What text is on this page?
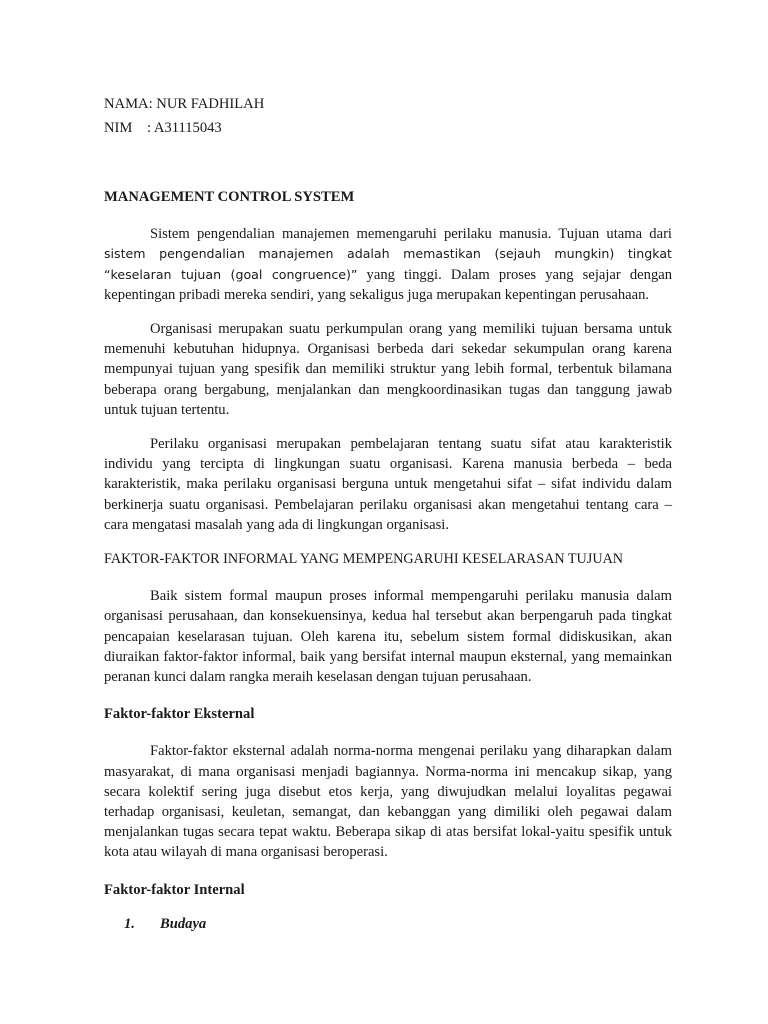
NAMA: NUR FADHILAH

NIM : A31115043

MANAGEMENT CONTROL SYSTEM

Sistem pengendalian manajemen memengaruhi perilaku manusia. Tujuan utama dari sistem pengendalian manajemen adalah memastikan (sejauh mungkin) tingkat “keselaran tujuan (goal congruence)” yang tinggi. Dalam proses yang sejajar dengan kepentingan pribadi mereka sendiri, yang sekaligus juga merupakan kepentingan perusahaan.

Organisasi merupakan suatu perkumpulan orang yang memiliki tujuan bersama untuk memenuhi kebutuhan hidupnya. Organisasi berbeda dari sekedar sekumpulan orang karena mempunyai tujuan yang spesifik dan memiliki struktur yang lebih formal, terbentuk bilamana beberapa orang bergabung, menjalankan dan mengkoordinasikan tugas dan tanggung jawab untuk tujuan tertentu.

Perilaku organisasi merupakan pembelajaran tentang suatu sifat atau karakteristik individu yang tercipta di lingkungan suatu organisasi. Karena manusia berbeda – beda karakteristik, maka perilaku organisasi berguna untuk mengetahui sifat – sifat individu dalam berkinerja suatu organisasi. Pembelajaran perilaku organisasi akan mengetahui tentang cara – cara mengatasi masalah yang ada di lingkungan organisasi.

FAKTOR-FAKTOR INFORMAL YANG MEMPENGARUHI KESELARASAN TUJUAN

Baik sistem formal maupun proses informal mempengaruhi perilaku manusia dalam organisasi perusahaan, dan konsekuensinya, kedua hal tersebut akan berpengaruh pada tingkat pencapaian keselarasan tujuan. Oleh karena itu, sebelum sistem formal didiskusikan, akan diuraikan faktor-faktor informal, baik yang bersifat internal maupun eksternal, yang memainkan peranan kunci dalam rangka meraih keselasan dengan tujuan perusahaan.

Faktor-faktor Eksternal

Faktor-faktor eksternal adalah norma-norma mengenai perilaku yang diharapkan dalam masyarakat, di mana organisasi menjadi bagiannya. Norma-norma ini mencakup sikap, yang secara kolektif sering juga disebut etos kerja, yang diwujudkan melalui loyalitas pegawai terhadap organisasi, keuletan, semangat, dan kebanggan yang dimiliki oleh pegawai dalam menjalankan tugas secara tepat waktu. Beberapa sikap di atas bersifat lokal-yaitu spesifik untuk kota atau wilayah di mana organisasi beroperasi.

Faktor-faktor Internal

1. Budaya
